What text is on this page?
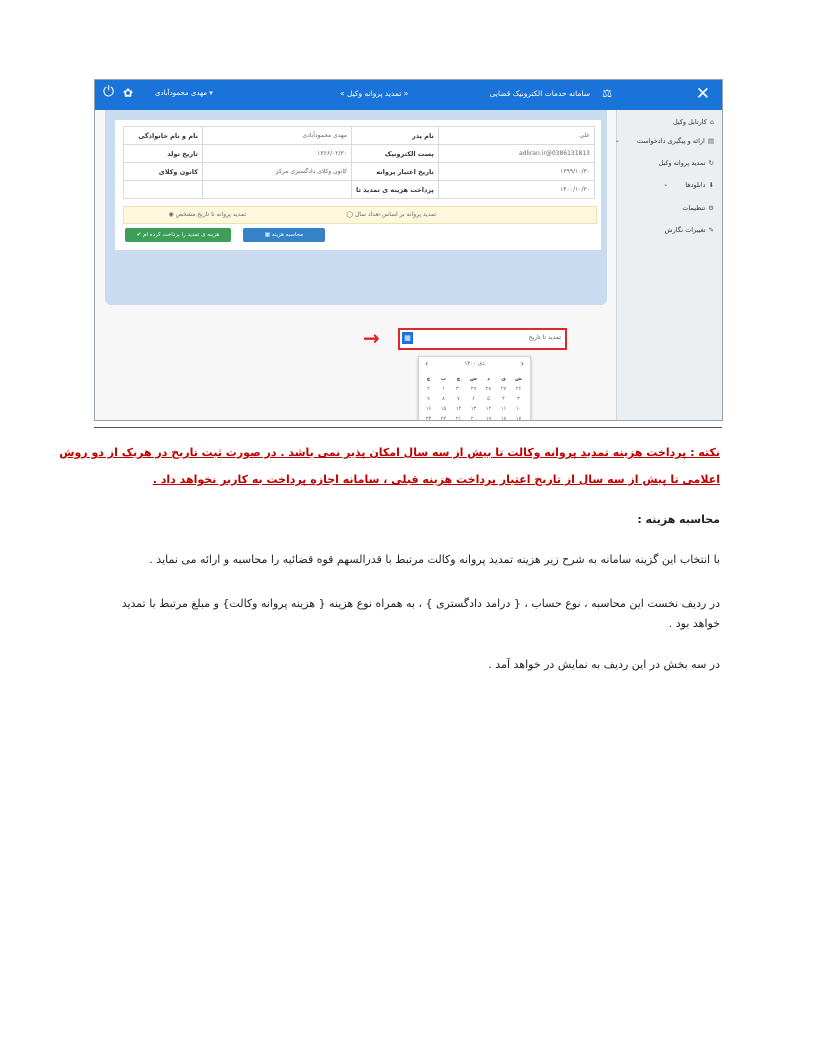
✕
⚖
سامانه خدمات الکترونیک قضایی
« تمدید پروانه وکیل »
مهدی محمودآبادی ▾
✿
⏻
⌂کارتابل وکیل
▤ارائه و پیگیری دادخواست
⌄
↻تمدید پروانه وکیل
⬇دانلودها
⌄
⚙تنظیمات
✎تغییرات نگارش
نام و نام خانوادگی	مهدی محمودآبادی	نام پدر	علی
تاریخ تولد	۱۳۶۶/۰۲/۳۰	پست الکترونیک	adliran.ir@0386131813
کانون وکلای	کانون وکلای دادگستری مرکز	تاریخ اعتبار پروانه	۱۳۹۹/۱۰/۳۰
		پرداخت هزینه ی تمدید تا	۱۴۰۰/۱۰/۳۰
◯ تمدید پروانه بر اساس تعداد سال
◉ تمدید پروانه تا تاریخ مشخص
✔ هزینه ی تمدید را پرداخت کرده ام	▦ محاسبه هزینه
→	▦	تمدید تا تاریخ
›
دی ۱۴۰۰
‹
ش	ی	د	س	چ	پ	ج
۲۶	۲۷	۲۸	۲۹	۳۰	۱	۲
۳	۴	۵	۶	۷	۸	۹
۱۰	۱۱	۱۲	۱۳	۱۴	۱۵	۱۶
۱۷	۱۸	۱۹	۲۰	۲۱	۲۲	۲۳

نکته : پرداخت هزینه تمدید پروانه وکالت تا بیش از سه سال امکان پذیر نمی باشد . در صورت ثبت تاریخ در هریک از دو روش
اعلامی تا پیش از سه سال از تاریخ اعتبار پرداخت هزینه قبلی ، سامانه اجازه پرداخت به کاربر نخواهد داد .
محاسبه هزینه :
با انتخاب این گزینه سامانه به شرح زیر هزینه تمدید پروانه وکالت مرتبط با قدرالسهم قوه قضائیه را محاسبه و ارائه می نماید .
در ردیف نخست این محاسبه ، نوع حساب ، { درامد دادگستری } ، به همراه نوع هزینه { هزینه پروانه وکالت} و مبلغ مرتبط با تمدید
خواهد بود .
در سه بخش در این ردیف به نمایش در خواهد آمد .
